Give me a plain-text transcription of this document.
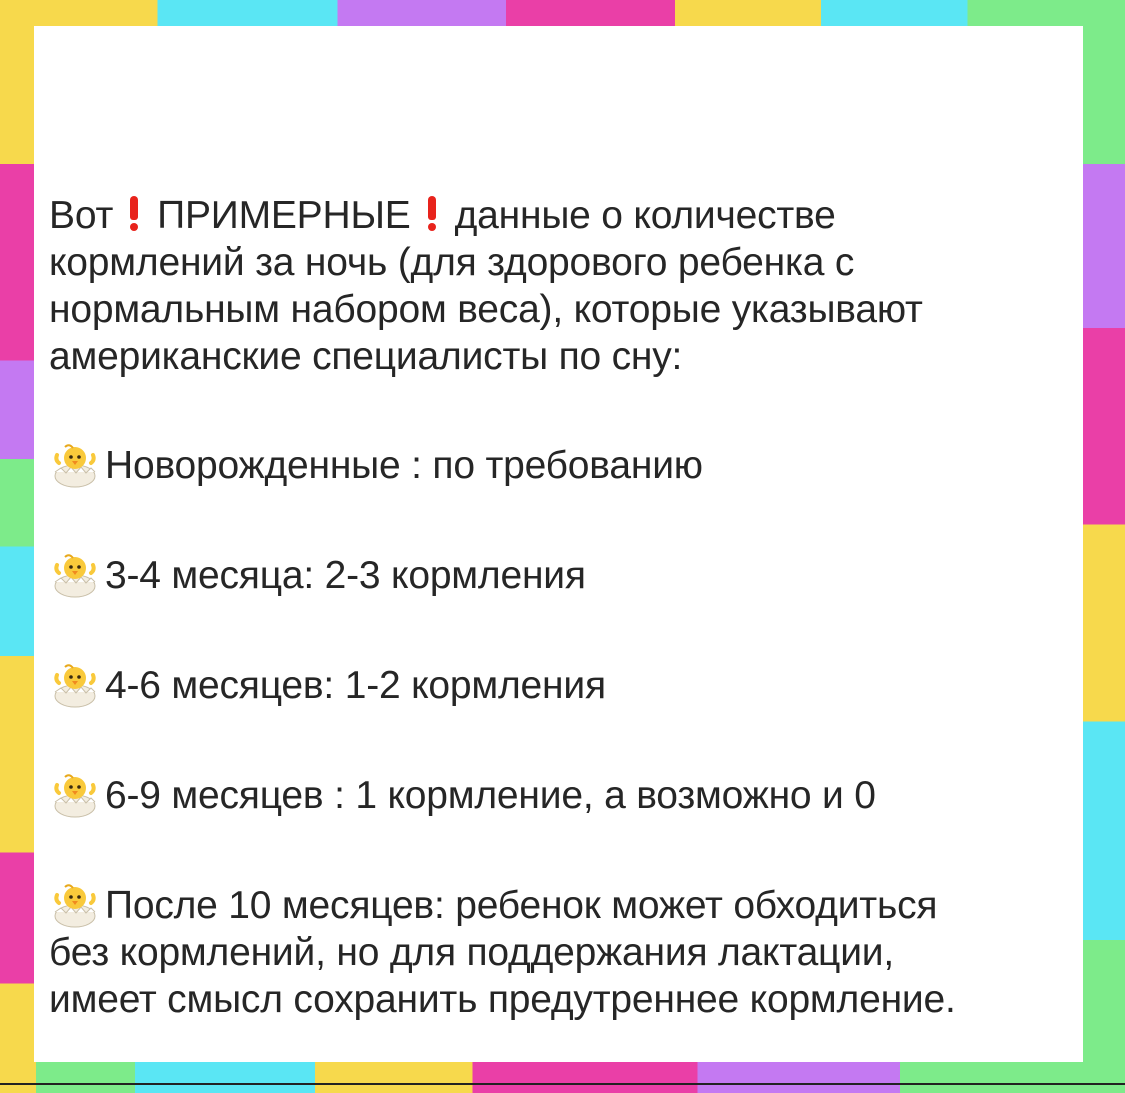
Вот ПРИМЕРНЫЕ данные о количестве
кормлений за ночь (для здорового ребенка с
нормальным набором веса), которые указывают
американские специалисты по сну:

Новорожденные : по требованию

3-4 месяца: 2-3 кормления

4-6 месяцев: 1-2 кормления

6-9 месяцев : 1 кормление, а возможно и 0

После 10 месяцев: ребенок может обходиться
без кормлений, но для поддержания лактации,
имеет смысл сохранить предутреннее кормление.
